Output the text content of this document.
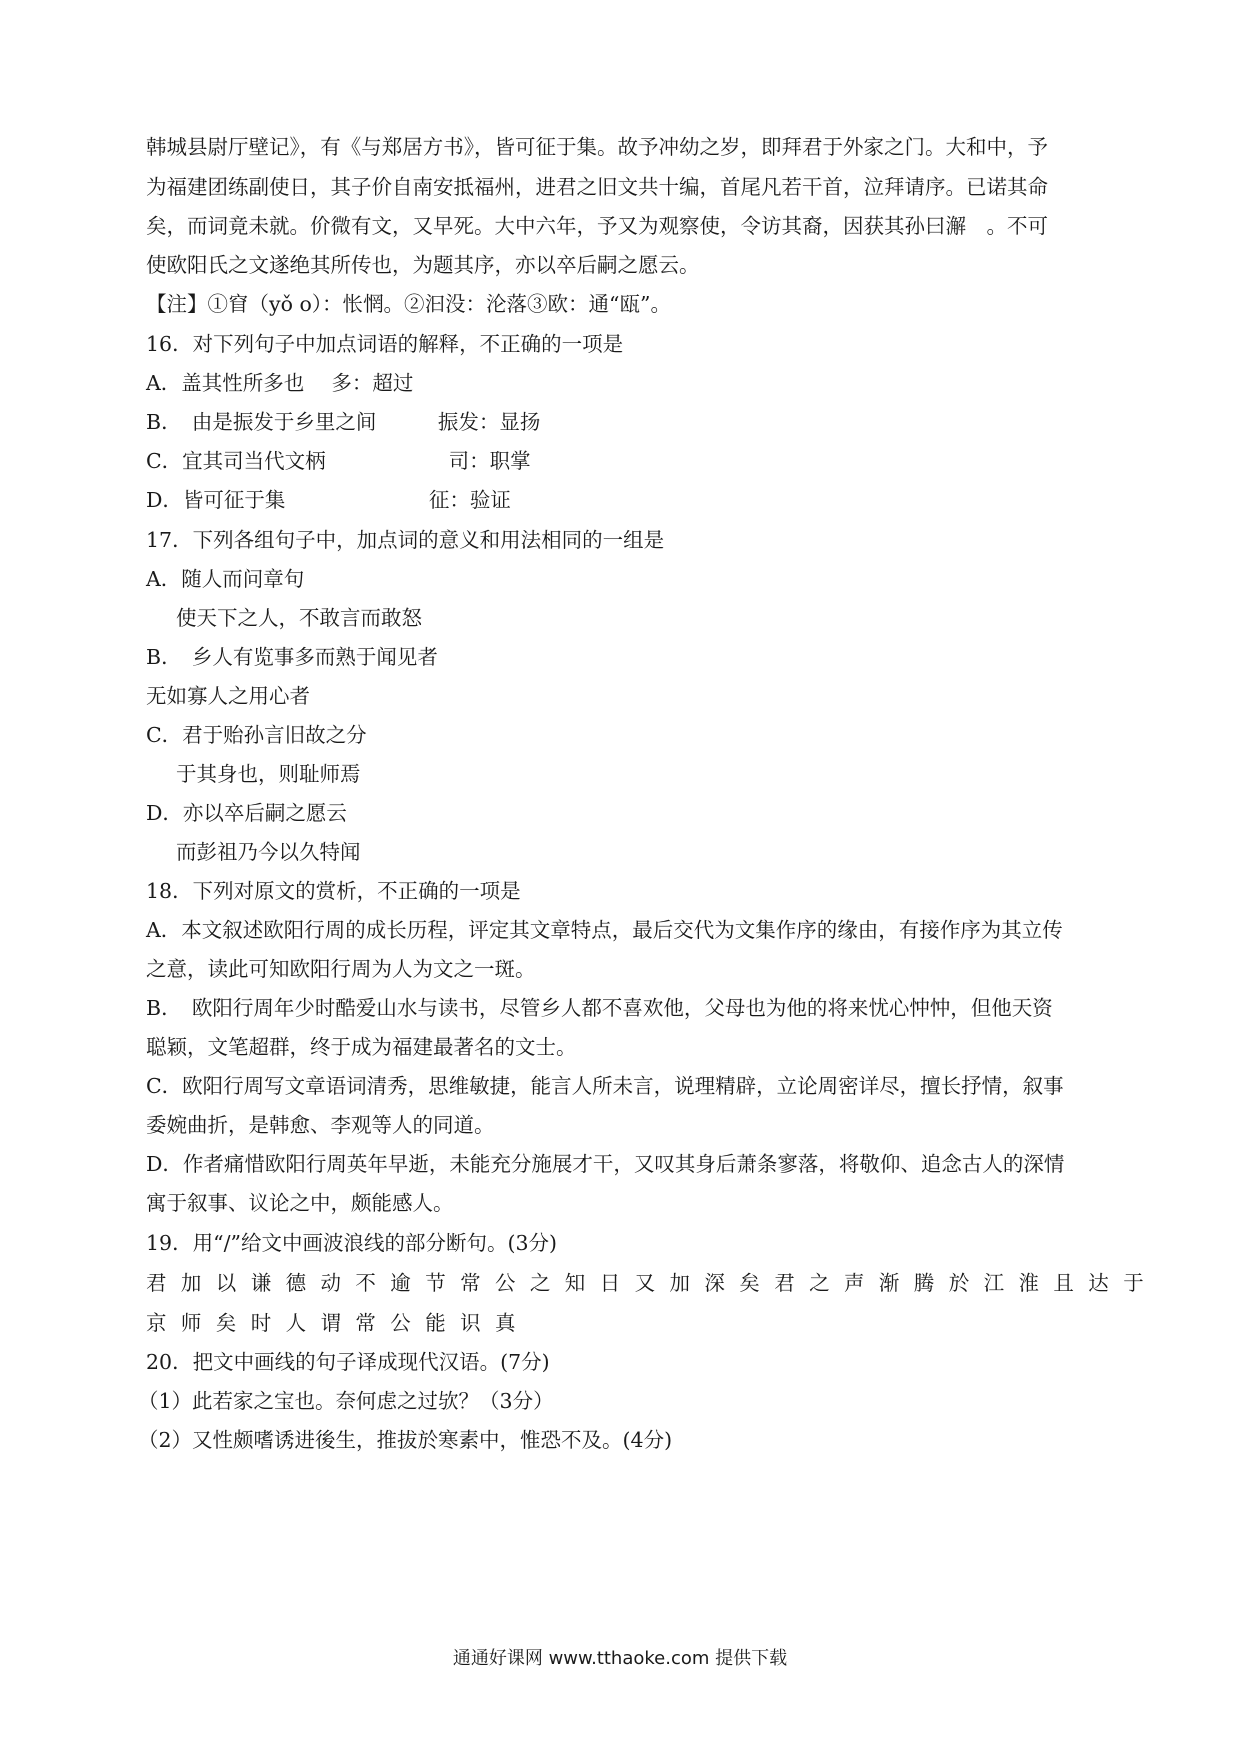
韩城县尉厅壁记》，有《与郑居方书》，皆可征于集。故予冲幼之岁，即拜君于外家之门。大和中，予
为福建团练副使日，其子价自南安抵福州，进君之旧文共十编，首尾凡若干首，泣拜请序。已诺其命
矣，而词竟未就。价微有文，又早死。大中六年，予又为观察使，令访其裔，因获其孙曰澥　。不可
使欧阳氏之文遂绝其所传也，为题其序，亦以卒后嗣之愿云。
【注】①窅（yǒ o）：怅惘。②汩没：沦落③欧：通“瓯”。
16．对下列句子中加点词语的解释，不正确的一项是
A．盖其性所多也　 多：超过
B．　由是振发于乡里之间　　　振发：显扬
C．宜其司当代文柄　　　　　　司：职掌
D．皆可征于集　　　　　　　征：验证
17．下列各组句子中，加点词的意义和用法相同的一组是
A．随人而问章句
使天下之人，不敢言而敢怒
B．　乡人有览事多而熟于闻见者
无如寡人之用心者
C．君于贻孙言旧故之分
于其身也，则耻师焉
D．亦以卒后嗣之愿云
而彭祖乃今以久特闻
18．下列对原文的赏析，不正确的一项是
A．本文叙述欧阳行周的成长历程，评定其文章特点，最后交代为文集作序的缘由，有接作序为其立传
之意，读此可知欧阳行周为人为文之一斑。
B．　欧阳行周年少时酷爱山水与读书，尽管乡人都不喜欢他，父母也为他的将来忧心忡忡，但他天资
聪颖，文笔超群，终于成为福建最著名的文士。
C．欧阳行周写文章语词清秀，思维敏捷，能言人所未言，说理精辟，立论周密详尽，擅长抒情，叙事
委婉曲折，是韩愈、李观等人的同道。
D．作者痛惜欧阳行周英年早逝，未能充分施展才干，又叹其身后萧条寥落，将敬仰、追念古人的深情
寓于叙事、议论之中，颇能感人。
19．用“/”给文中画波浪线的部分断句。(3分)
君加以谦德动不逾节常公之知日又加深矣君之声渐腾於江淮且达于
京师矣时人谓常公能识真
20．把文中画线的句子译成现代汉语。(7分)
（1）此若家之宝也。奈何虑之过欤？（3分）
（2）又性颇嗜诱进後生，推拔於寒素中，惟恐不及。(4分)
通通好课网 www.tthaoke.com 提供下载
